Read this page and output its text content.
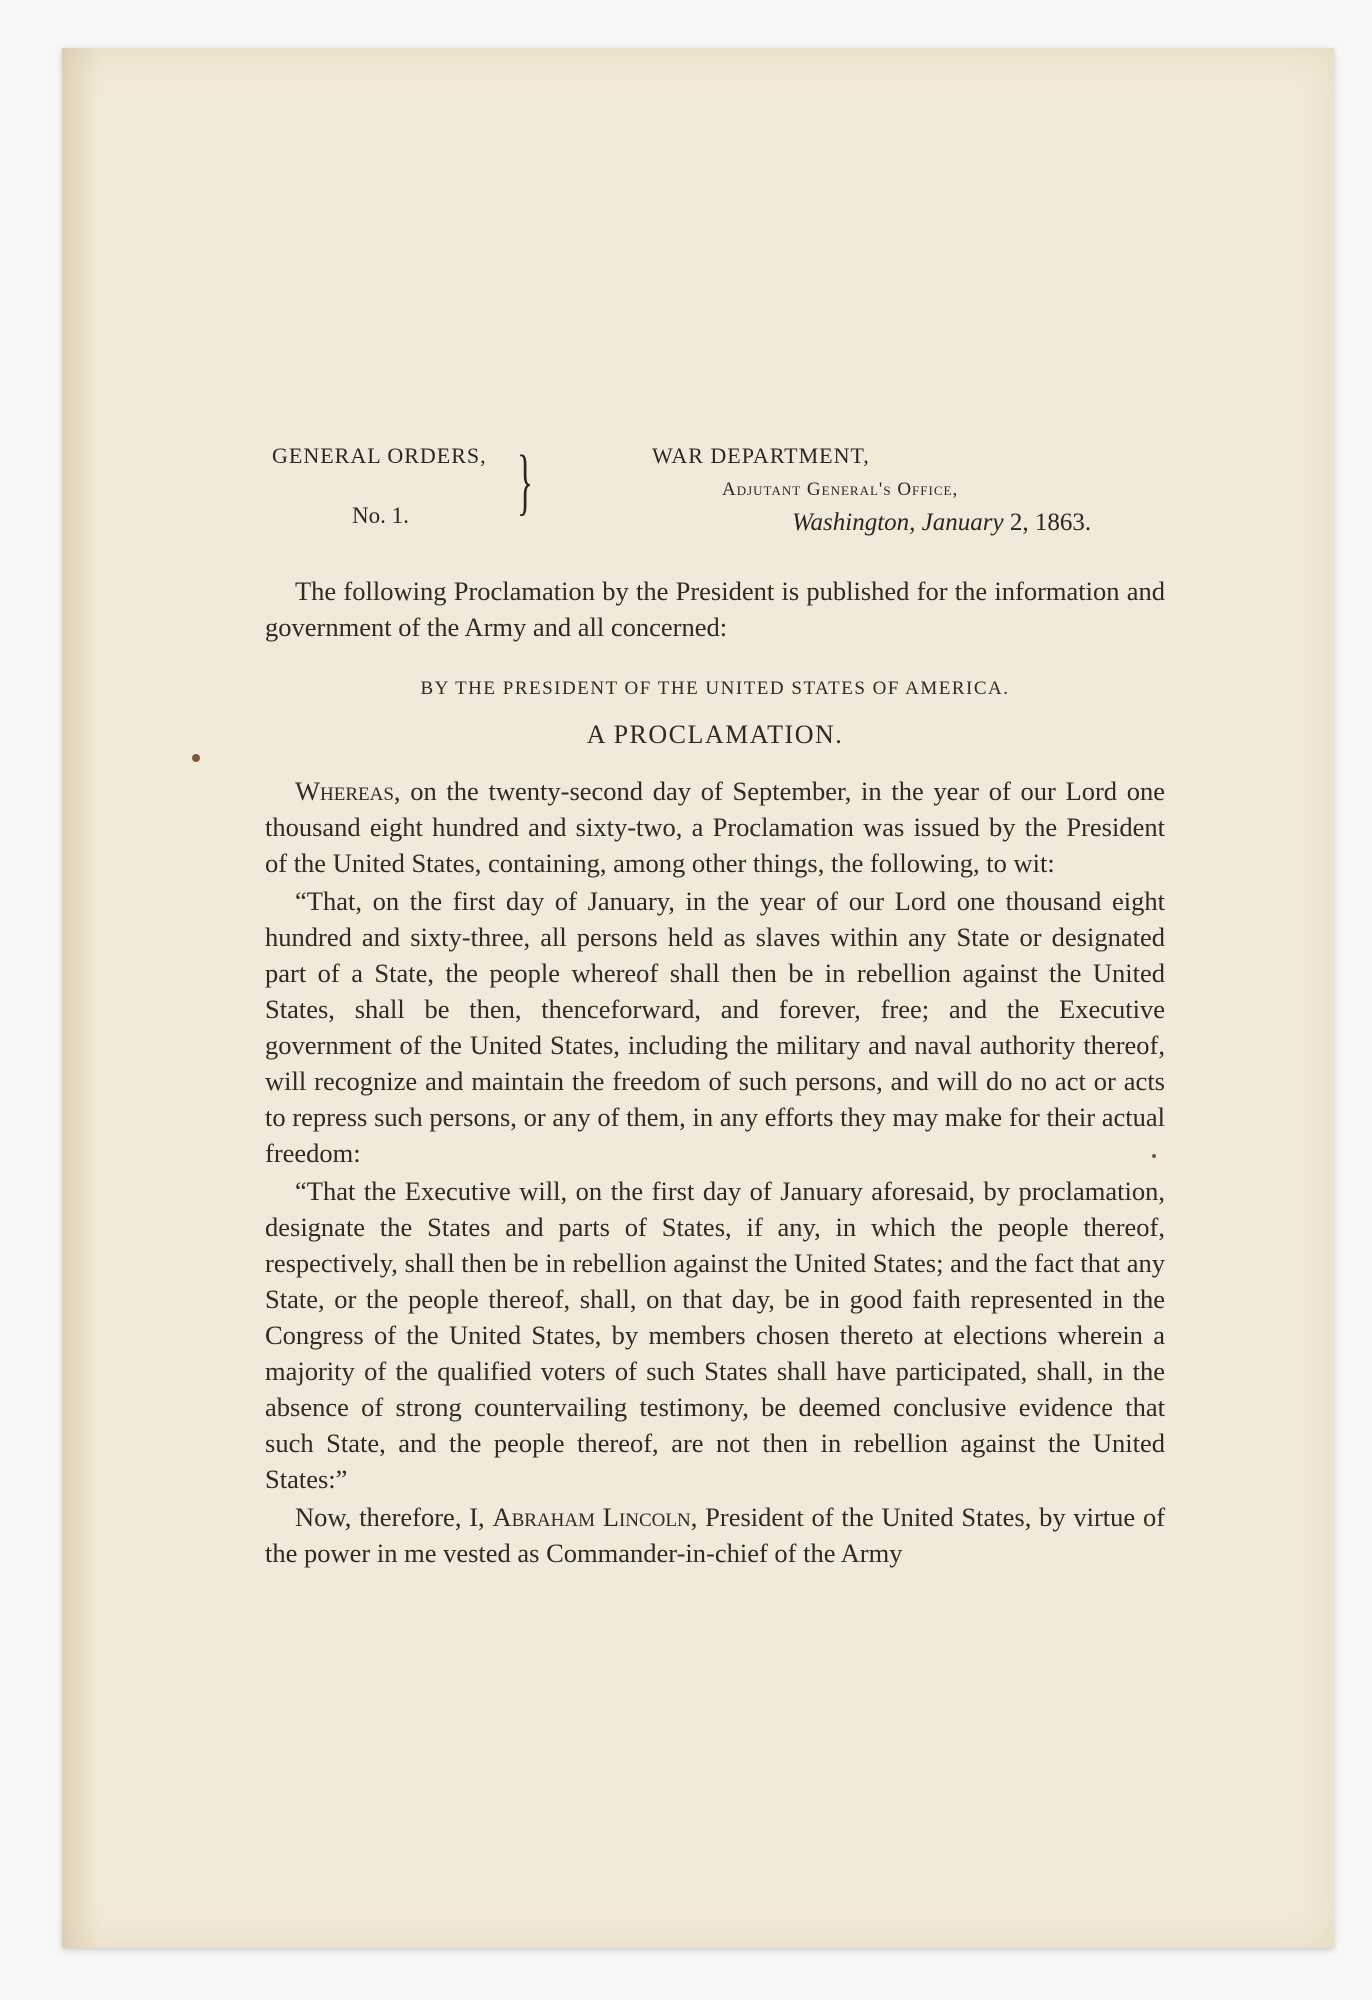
GENERAL ORDERS,
No. 1.	}	WAR DEPARTMENT,
Adjutant General's Office,
Washington, January 2, 1863.

The following Proclamation by the President is published for the information and government of the Army and all concerned:

BY THE PRESIDENT OF THE UNITED STATES OF AMERICA.
A PROCLAMATION.

Whereas, on the twenty-second day of September, in the year of our Lord one thousand eight hundred and sixty-two, a Proclamation was issued by the President of the United States, containing, among other things, the following, to wit:

“That, on the first day of January, in the year of our Lord one thousand eight hundred and sixty-three, all persons held as slaves within any State or designated part of a State, the people whereof shall then be in rebellion against the United States, shall be then, thenceforward, and forever, free; and the Executive government of the United States, including the military and naval authority thereof, will recognize and maintain the freedom of such persons, and will do no act or acts to repress such persons, or any of them, in any efforts they may make for their actual freedom:

“That the Executive will, on the first day of January aforesaid, by proclamation, designate the States and parts of States, if any, in which the people thereof, respectively, shall then be in rebellion against the United States; and the fact that any State, or the people thereof, shall, on that day, be in good faith represented in the Congress of the United States, by members chosen thereto at elections wherein a majority of the qualified voters of such States shall have participated, shall, in the absence of strong countervailing testimony, be deemed conclusive evidence that such State, and the people thereof, are not then in rebellion against the United States:”

Now, therefore, I, Abraham Lincoln, President of the United States, by virtue of the power in me vested as Commander-in-chief of the Army
